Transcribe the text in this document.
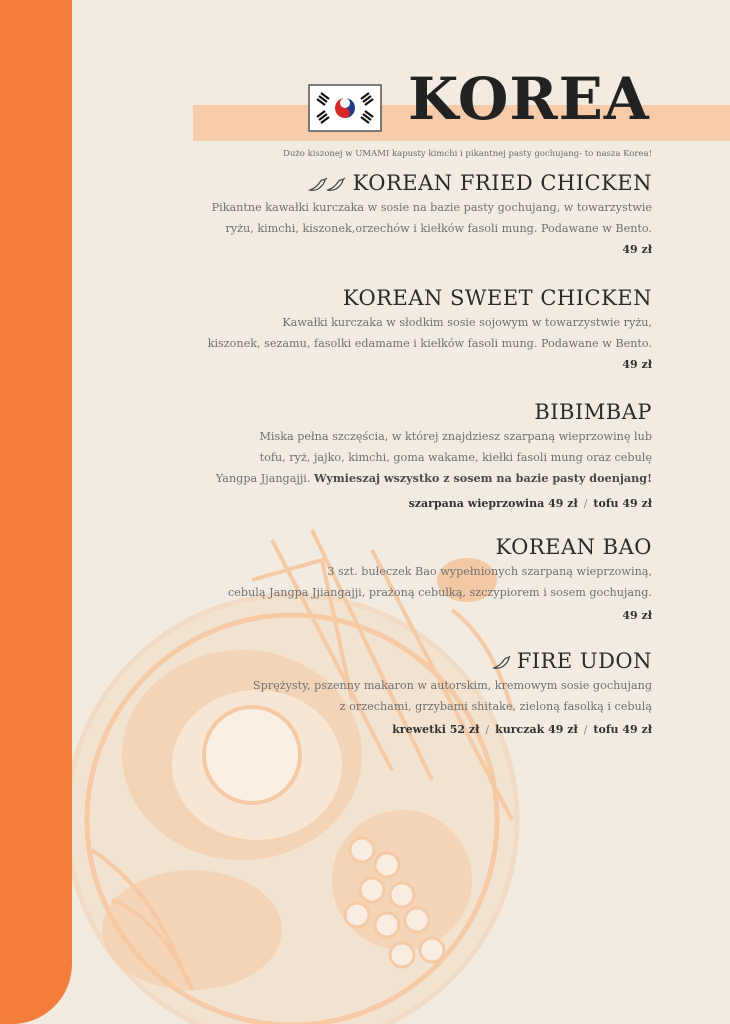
KOREA
Dużo kiszonej w UMAMI kapusty kimchi i pikantnej pasty gochujang- to nasza Korea!
KOREAN FRIED CHICKEN
Pikantne kawałki kurczaka w sosie na bazie pasty gochujang, w towarzystwie
ryżu, kimchi, kiszonek,orzechów i kiełków fasoli mung. Podawane w Bento.
49 zł
KOREAN SWEET CHICKEN
Kawałki kurczaka w słodkim sosie sojowym w towarzystwie ryżu,
kiszonek, sezamu, fasolki edamame i kiełków fasoli mung. Podawane w Bento.
49 zł
BIBIMBAP
Miska pełna szczęścia, w której znajdziesz szarpaną wieprzowinę lub
tofu, ryż, jajko, kimchi, goma wakame, kiełki fasoli mung oraz cebulę
Yangpa Jjangajji. Wymieszaj wszystko z sosem na bazie pasty doenjang!
szarpana wieprzowina 49 zł / tofu 49 zł
KOREAN BAO
3 szt. bułeczek Bao wypełnionych szarpaną wieprzowiną,
cebulą Jangpa Jjiangajji, prażoną cebulką, szczypiorem i sosem gochujang.
49 zł
FIRE UDON
Sprężysty, pszenny makaron w autorskim, kremowym sosie gochujang
z orzechami, grzybami shitake, zieloną fasolką i cebulą
krewetki 52 zł / kurczak 49 zł / tofu 49 zł
